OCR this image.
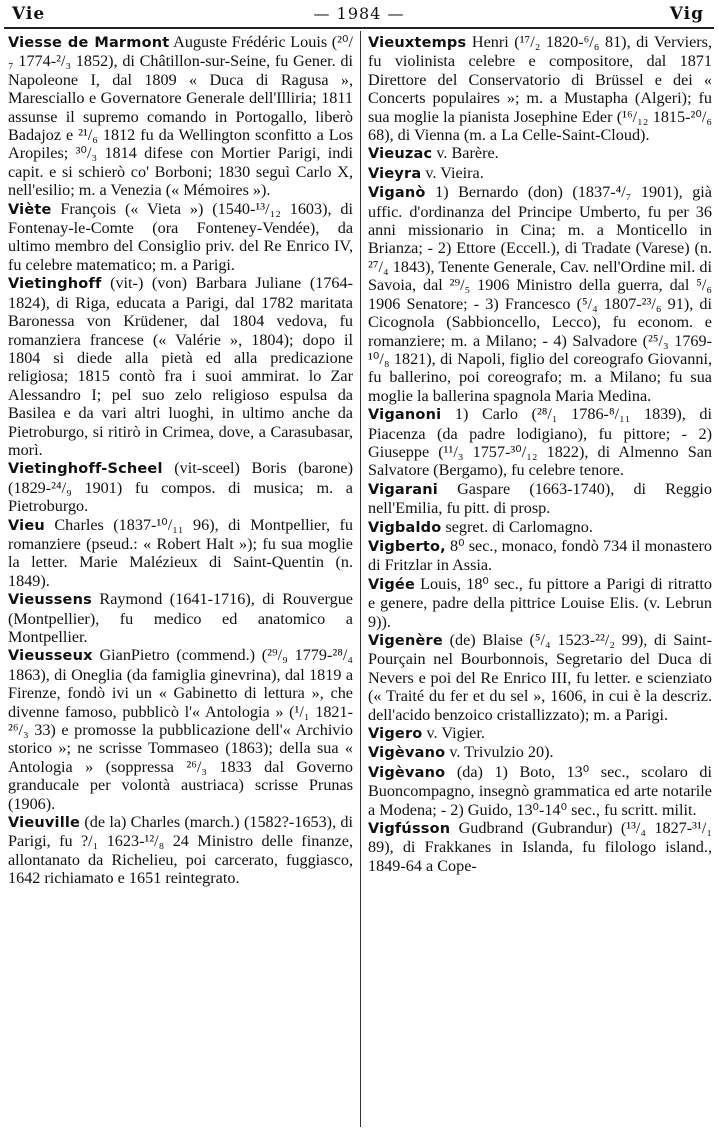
Vie	— 1984 —	Vig

Viesse de Marmont Auguste Frédéric Louis (²⁰/₇ 1774-²/₃ 1852), di Châtillon-sur-Seine, fu Gener. di Napoleone I, dal 1809 « Duca di Ragusa », Maresciallo e Governatore Generale dell'Illiria; 1811 assunse il supremo comando in Portogallo, liberò Badajoz e ²¹/₆ 1812 fu da Wellington sconfitto a Los Aropiles; ³⁰/₃ 1814 difese con Mortier Parigi, indi capit. e si schierò co' Borboni; 1830 seguì Carlo X, nell'esilio; m. a Venezia (« Mémoires »).

Viète François (« Vieta ») (1540-¹³/₁₂ 1603), di Fontenay-le-Comte (ora Fonteney-Vendée), da ultimo membro del Consiglio priv. del Re Enrico IV, fu celebre matematico; m. a Parigi.

Vietinghoff (vit-) (von) Barbara Juliane (1764-1824), di Riga, educata a Parigi, dal 1782 maritata Baronessa von Krüdener, dal 1804 vedova, fu romanziera francese (« Valérie », 1804); dopo il 1804 si diede alla pietà ed alla predicazione religiosa; 1815 contò fra i suoi ammirat. lo Zar Alessandro I; pel suo zelo religioso espulsa da Basilea e da vari altri luoghi, in ultimo anche da Pietroburgo, si ritirò in Crimea, dove, a Carasubasar, morì.

Vietinghoff-Scheel (vit-sceel) Boris (barone) (1829-²⁴/₉ 1901) fu compos. di musica; m. a Pietroburgo.

Vieu Charles (1837-¹⁰/₁₁ 96), di Montpellier, fu romanziere (pseud.: « Robert Halt »); fu sua moglie la letter. Marie Malézieux di Saint-Quentin (n. 1849).

Vieussens Raymond (1641-1716), di Rouvergue (Montpellier), fu medico ed anatomico a Montpellier.

Vieusseux GianPietro (commend.) (²⁹/₉ 1779-²⁸/₄ 1863), di Oneglia (da famiglia ginevrina), dal 1819 a Firenze, fondò ivi un « Gabinetto di lettura », che divenne famoso, pubblicò l'« Antologia » (¹/₁ 1821-²⁶/₃ 33) e promosse la pubblicazione dell'« Archivio storico »; ne scrisse Tommaseo (1863); della sua « Antologia » (soppressa ²⁶/₃ 1833 dal Governo granducale per volontà austriaca) scrisse Prunas (1906).

Vieuville (de la) Charles (march.) (1582?-1653), di Parigi, fu ?/₁ 1623-¹²/₈ 24 Ministro delle finanze, allontanato da Richelieu, poi carcerato, fuggiasco, 1642 richiamato e 1651 reintegrato.

Vieuxtemps Henri (¹⁷/₂ 1820-⁶/₆ 81), di Verviers, fu violinista celebre e compositore, dal 1871 Direttore del Conservatorio di Brüssel e dei « Concerts populaires »; m. a Mustapha (Algeri); fu sua moglie la pianista Josephine Eder (¹⁶/₁₂ 1815-²⁰/₆ 68), di Vienna (m. a La Celle-Saint-Cloud).

Vieuzac v. Barère.

Vieyra v. Vieira.

Viganò 1) Bernardo (don) (1837-⁴/₇ 1901), già uffic. d'ordinanza del Principe Umberto, fu per 36 anni missionario in Cina; m. a Monticello in Brianza; - 2) Ettore (Eccell.), di Tradate (Varese) (n. ²⁷/₄ 1843), Tenente Generale, Cav. nell'Ordine mil. di Savoia, dal ²⁹/₅ 1906 Ministro della guerra, dal ⁵/₆ 1906 Senatore; - 3) Francesco (⁵/₄ 1807-²³/₆ 91), di Cicognola (Sabbioncello, Lecco), fu econom. e romanziere; m. a Milano; - 4) Salvadore (²⁵/₃ 1769-¹⁰/₈ 1821), di Napoli, figlio del coreografo Giovanni, fu ballerino, poi coreografo; m. a Milano; fu sua moglie la ballerina spagnola Maria Medina.

Viganoni 1) Carlo (²⁸/₁ 1786-⁸/₁₁ 1839), di Piacenza (da padre lodigiano), fu pittore; - 2) Giuseppe (¹¹/₃ 1757-³⁰/₁₂ 1822), di Almenno San Salvatore (Bergamo), fu celebre tenore.

Vigarani Gaspare (1663-1740), di Reggio nell'Emilia, fu pitt. di prosp.

Vigbaldo segret. di Carlomagno.

Vigberto, 8⁰ sec., monaco, fondò 734 il monastero di Fritzlar in Assia.

Vigée Louis, 18⁰ sec., fu pittore a Parigi di ritratto e genere, padre della pittrice Louise Elis. (v. Lebrun 9)).

Vigenère (de) Blaise (⁵/₄ 1523-²²/₂ 99), di Saint-Pourçain nel Bourbonnois, Segretario del Duca di Nevers e poi del Re Enrico III, fu letter. e scienziato (« Traité du fer et du sel », 1606, in cui è la descriz. dell'acido benzoico cristallizzato); m. a Parigi.

Vigero v. Vigier.

Vigèvano v. Trivulzio 20).

Vigèvano (da) 1) Boto, 13⁰ sec., scolaro di Buoncompagno, insegnò grammatica ed arte notarile a Modena; - 2) Guido, 13⁰-14⁰ sec., fu scritt. milit.

Vigfússon Gudbrand (Gubrandur) (¹³/₄ 1827-³¹/₁ 89), di Frakkanes in Islanda, fu filologo island., 1849-64 a Cope-
